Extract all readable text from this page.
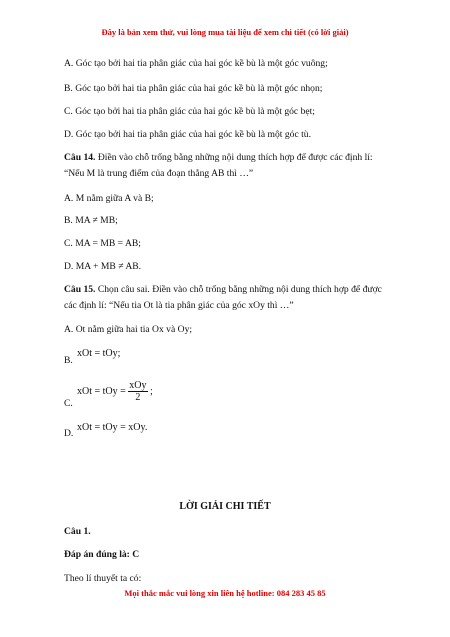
Đây là bản xem thử, vui lòng mua tài liệu để xem chi tiết (có lời giải)
A. Góc tạo bởi hai tia phân giác của hai góc kề bù là một góc vuông;
B. Góc tạo bởi hai tia phân giác của hai góc kề bù là một góc nhọn;
C. Góc tạo bởi hai tia phân giác của hai góc kề bù là một góc bẹt;
D. Góc tạo bởi hai tia phân giác của hai góc kề bù là một góc tù.
Câu 14. Điền vào chỗ trống bằng những nội dung thích hợp để được các định lí: “Nếu M là trung điểm của đoạn thẳng AB thì …”
A. M nằm giữa A và B;
B. MA ≠ MB;
C. MA = MB = AB;
D. MA + MB ≠ AB.
Câu 15. Chọn câu sai. Điền vào chỗ trống bằng những nội dung thích hợp để được các định lí: “Nếu tia Ot là tia phân giác của góc xOy thì …”
A. Ot nằm giữa hai tia Ox và Oy;
B.
xOt = tOy;
C.
xOt = tOy = $\frac{\text{xOy}}{2}$ ;
D.
xOt = tOy = xOy.
LỜI GIẢI CHI TIẾT
Câu 1.
Đáp án đúng là: C
Theo lí thuyết ta có:
Mọi thắc mắc vui lòng xin liên hệ hotline: 084 283 45 85
